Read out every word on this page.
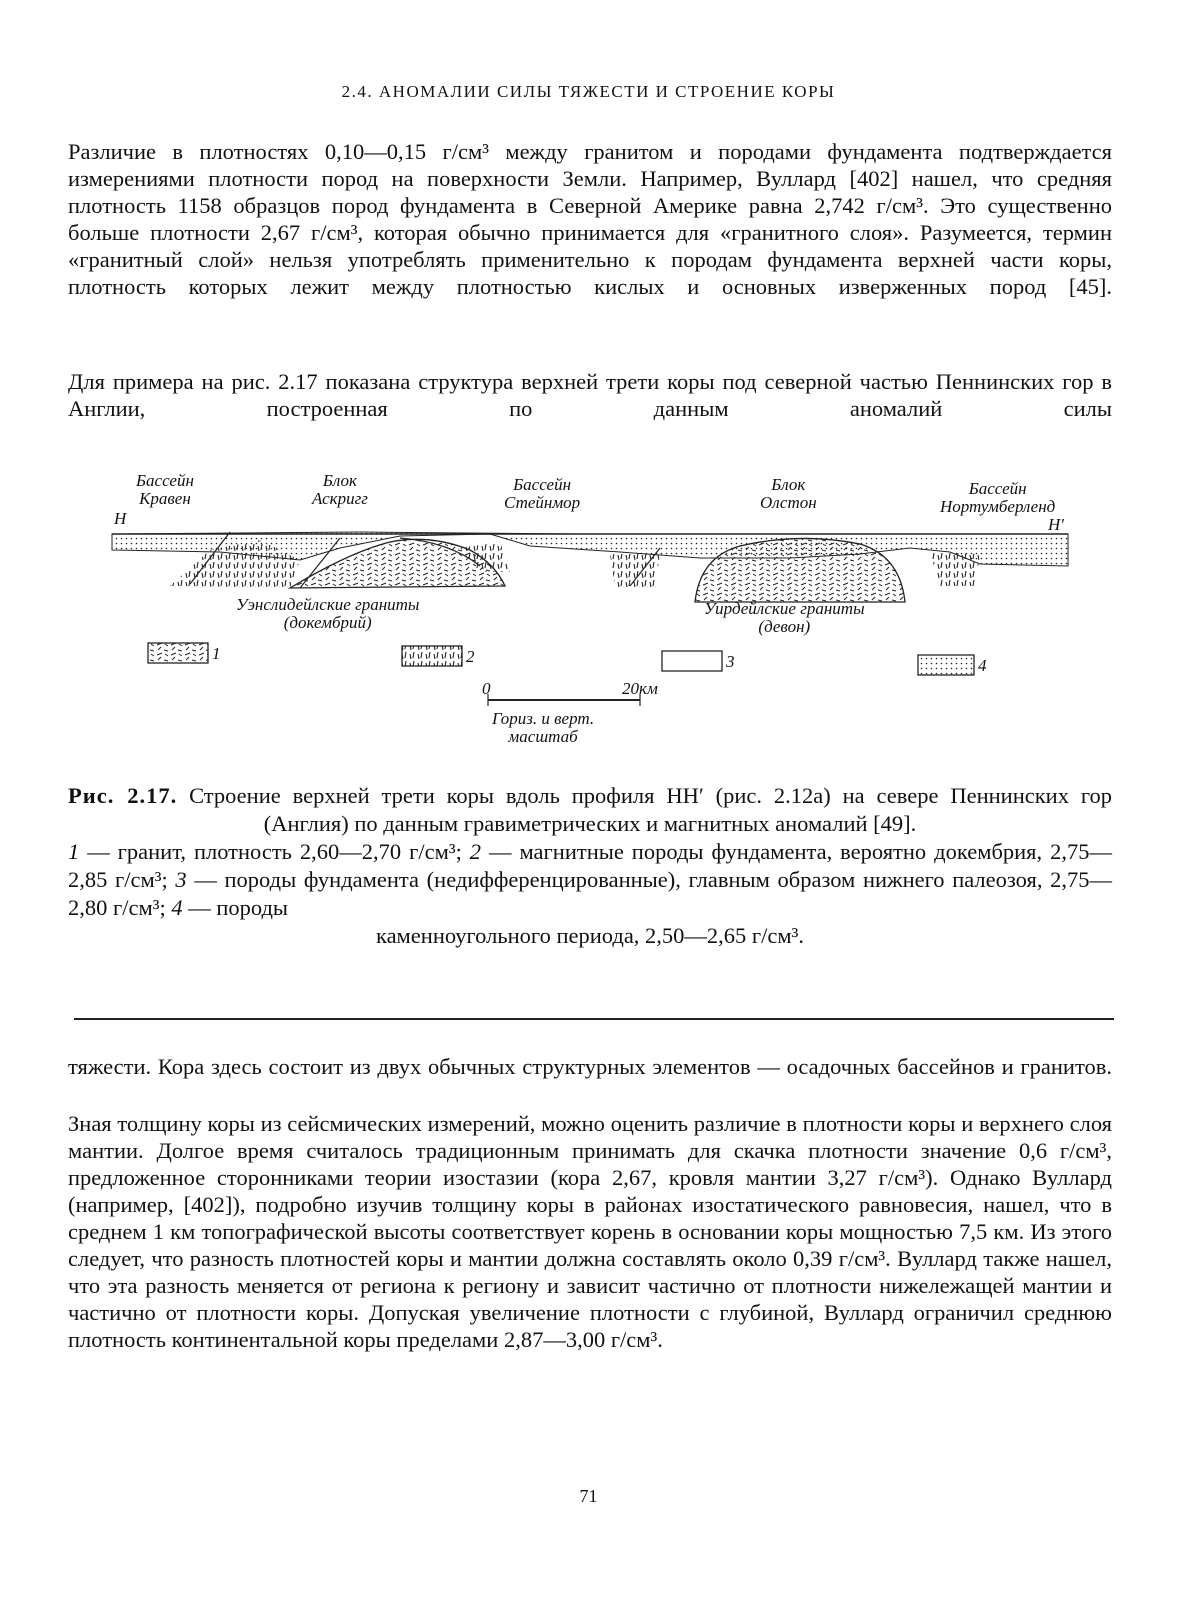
2.4. АНОМАЛИИ СИЛЫ ТЯЖЕСТИ И СТРОЕНИЕ КОРЫ

Различие в плотностях 0,10—0,15 г/см³ между гранитом и породами фундамента подтверждается измерениями плотности пород на поверхности Земли. Например, Вуллард [402] нашел, что средняя плотность 1158 образцов пород фундамента в Северной Америке равна 2,742 г/см³. Это существенно больше плотности 2,67 г/см³, которая обычно принимается для «гранитного слоя». Разумеется, термин «гранитный слой» нельзя употреблять применительно к породам фундамента верхней части коры, плотность которых лежит между плотностью кислых и основных изверженных пород [45].

Для примера на рис. 2.17 показана структура верхней трети коры под северной частью Пеннинских гор в Англии, построенная по данным аномалий силы

Бассейн
Кравен
H
Блок
Аскригг
Бассейн
Стейнмор
Блок
Олстон
Бассейн
Нортумберленд
H′
Уэнслидейлские граниты
(докембрий)
Уирдейлские граниты
(девон)
1	2	3	4
0	20км
Гориз. и верт.
масштаб

Рис. 2.17. Строение верхней трети коры вдоль профиля HH′ (рис. 2.12а) на севере Пеннинских гор (Англия) по данным гравиметрических и магнитных аномалий [49].

1 — гранит, плотность 2,60—2,70 г/см³; 2 — магнитные породы фундамента, вероятно докембрия, 2,75—2,85 г/см³; 3 — породы фундамента (недифференцированные), главным образом нижнего палеозоя, 2,75—2,80 г/см³; 4 — породы
каменноугольного периода, 2,50—2,65 г/см³.

тяжести. Кора здесь состоит из двух обычных структурных элементов — осадочных бассейнов и гранитов.

Зная толщину коры из сейсмических измерений, можно оценить различие в плотности коры и верхнего слоя мантии. Долгое время считалось традиционным принимать для скачка плотности значение 0,6 г/см³, предложенное сторонниками теории изостазии (кора 2,67, кровля мантии 3,27 г/см³). Однако Вуллард (например, [402]), подробно изучив толщину коры в районах изостатического равновесия, нашел, что в среднем 1 км топографической высоты соответствует корень в основании коры мощностью 7,5 км. Из этого следует, что разность плотностей коры и мантии должна составлять около 0,39 г/см³. Вуллард также нашел, что эта разность меняется от региона к региону и зависит частично от плотности нижележащей мантии и частично от плотности коры. Допуская увеличение плотности с глубиной, Вуллард ограничил среднюю плотность континентальной коры пределами 2,87—3,00 г/см³.

71
